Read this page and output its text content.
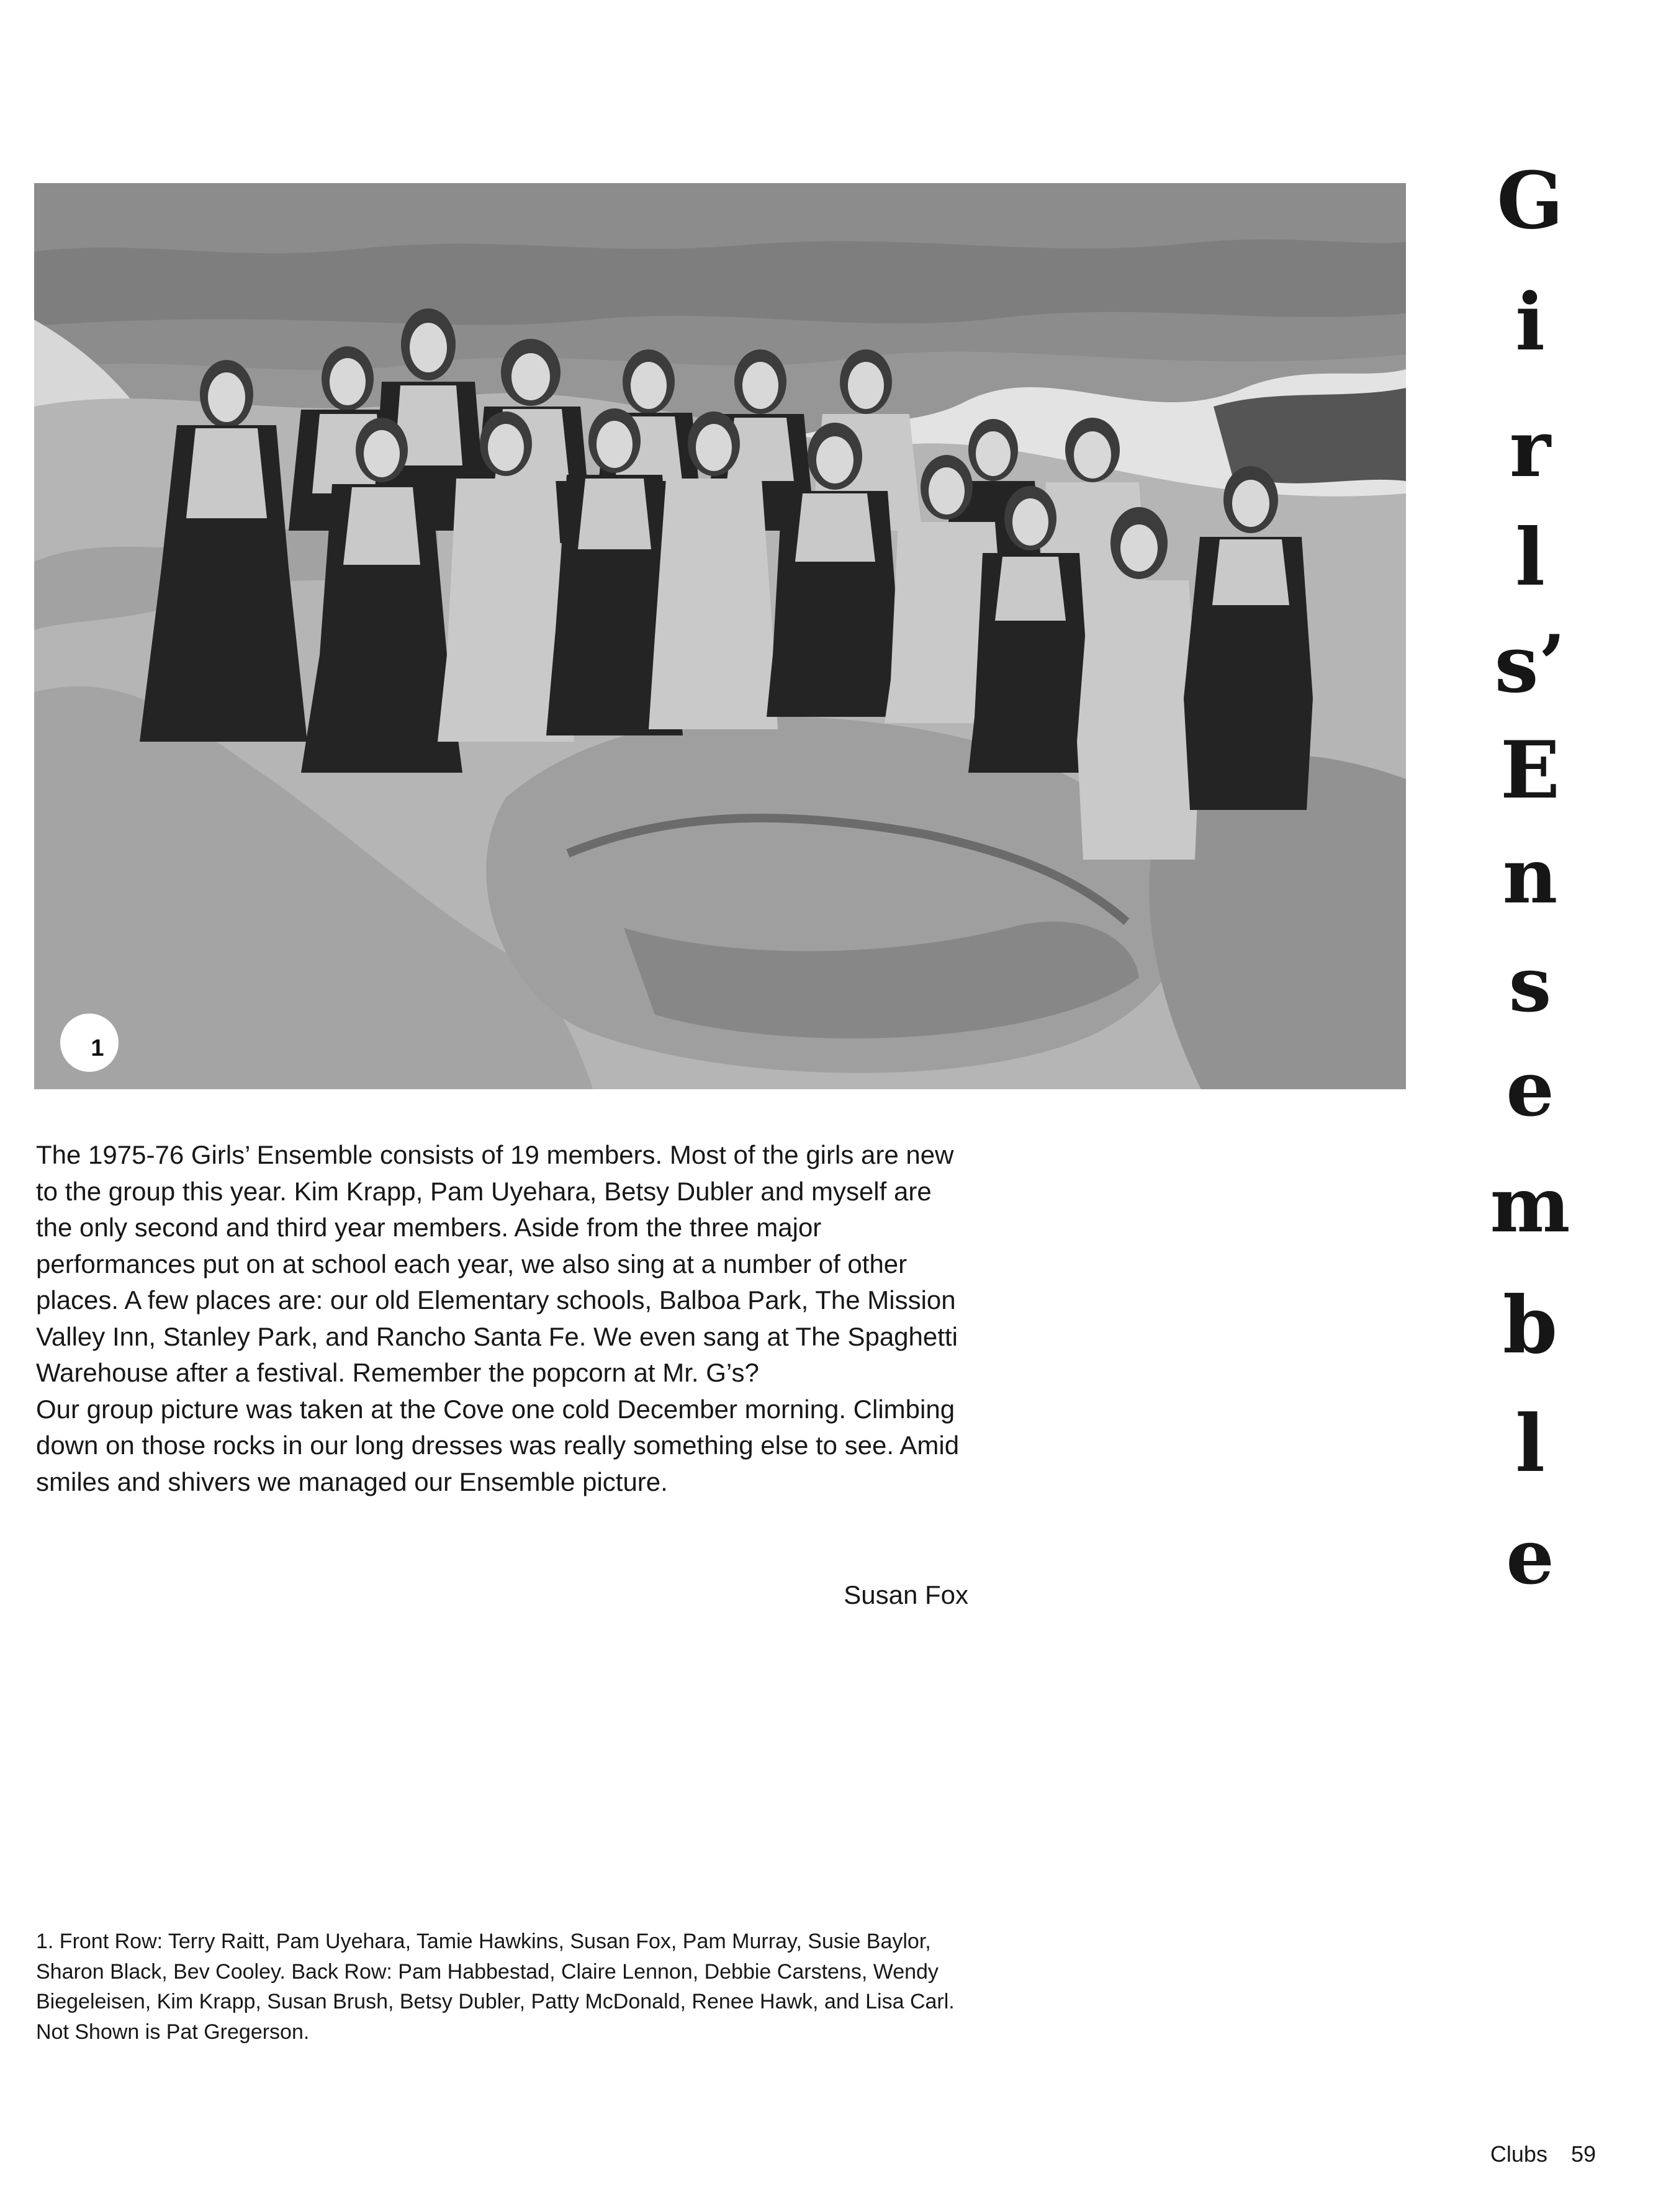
1
G
i
r
l
s’
E
n
s
e
m
b
l
e

The 1975-76 Girls’ Ensemble consists of 19 members. Most of the girls are new to the group this year. Kim Krapp, Pam Uyehara, Betsy Dubler and myself are the only second and third year members. Aside from the three major performances put on at school each year, we also sing at a number of other places. A few places are: our old Elementary schools, Balboa Park, The Mission Valley Inn, Stanley Park, and Rancho Santa Fe. We even sang at The Spaghetti Warehouse after a festival. Remember the popcorn at Mr. G’s?

Our group picture was taken at the Cove one cold December morning. Climbing down on those rocks in our long dresses was really something else to see. Amid smiles and shivers we managed our Ensemble picture.

Susan Fox
1. Front Row: Terry Raitt, Pam Uyehara, Tamie Hawkins, Susan Fox, Pam Murray, Susie Baylor, Sharon Black, Bev Cooley. Back Row: Pam Habbestad, Claire Lennon, Debbie Carstens, Wendy Biegeleisen, Kim Krapp, Susan Brush, Betsy Dubler, Patty McDonald, Renee Hawk, and Lisa Carl. Not Shown is Pat Gregerson.
Clubs 59
